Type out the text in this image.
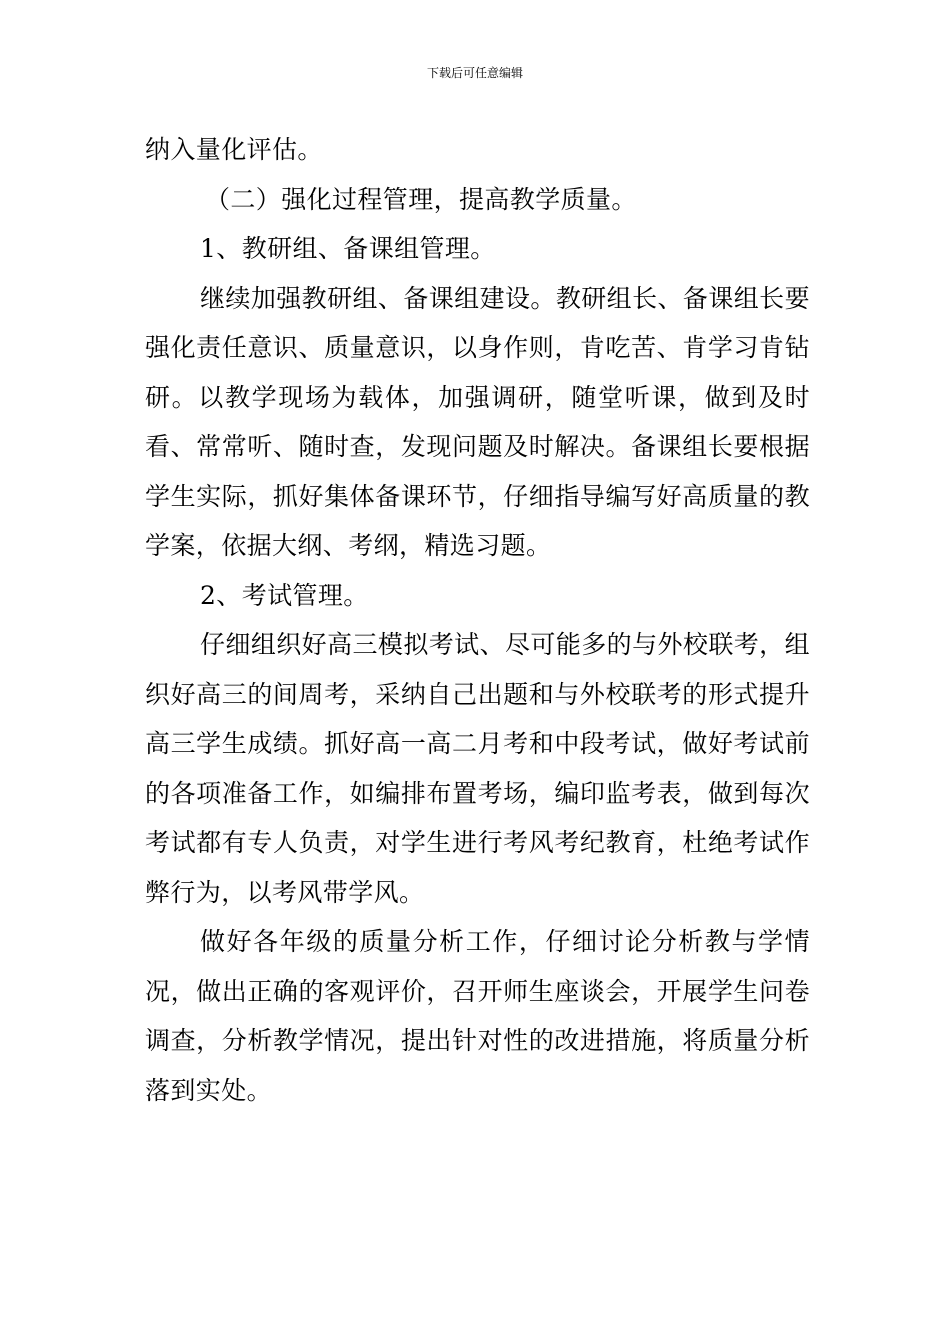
下载后可任意编辑

纳入量化评估。

（二）强化过程管理，提高教学质量。

1、教研组、备课组管理。

继续加强教研组、备课组建设。教研组长、备课组长要强化责任意识、质量意识，以身作则，肯吃苦、肯学习肯钻研。以教学现场为载体，加强调研，随堂听课，做到及时看、常常听、随时查，发现问题及时解决。备课组长要根据学生实际，抓好集体备课环节，仔细指导编写好高质量的教学案，依据大纲、考纲，精选习题。

2、考试管理。

仔细组织好高三模拟考试、尽可能多的与外校联考，组织好高三的间周考，采纳自己出题和与外校联考的形式提升高三学生成绩。抓好高一高二月考和中段考试，做好考试前的各项准备工作，如编排布置考场，编印监考表，做到每次考试都有专人负责，对学生进行考风考纪教育，杜绝考试作弊行为，以考风带学风。

做好各年级的质量分析工作，仔细讨论分析教与学情况，做出正确的客观评价，召开师生座谈会，开展学生问卷调查，分析教学情况，提出针对性的改进措施，将质量分析落到实处。
